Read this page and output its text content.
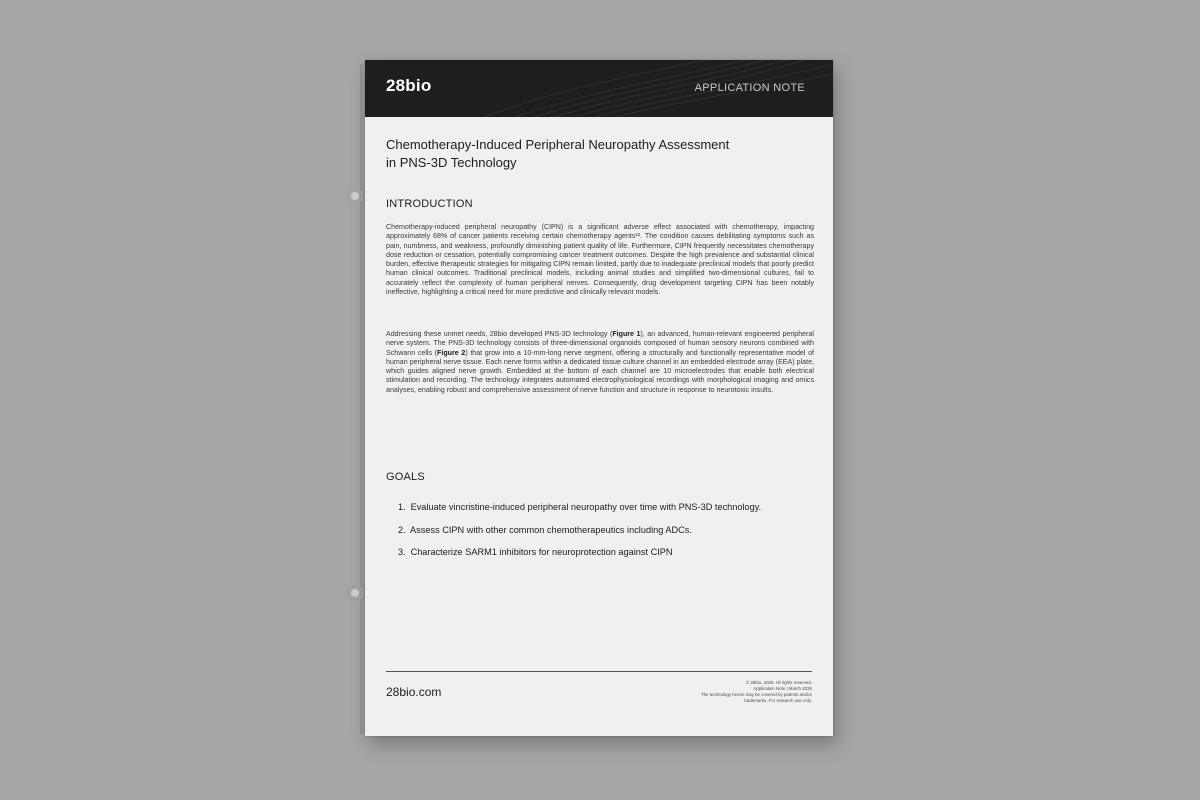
28bio	APPLICATION NOTE
Chemotherapy-Induced Peripheral Neuropathy Assessment
in PNS-3D Technology
INTRODUCTION
Chemotherapy-induced peripheral neuropathy (CIPN) is a significant adverse effect associated with chemotherapy, impacting approximately 68% of cancer patients receiving certain chemotherapy agents¹². The condition causes debilitating symptoms such as pain, numbness, and weakness, profoundly diminishing patient quality of life. Furthermore, CIPN frequently necessitates chemotherapy dose reduction or cessation, potentially compromising cancer treatment outcomes. Despite the high prevalence and substantial clinical burden, effective therapeutic strategies for mitigating CIPN remain limited, partly due to inadequate preclinical models that poorly predict human clinical outcomes. Traditional preclinical models, including animal studies and simplified two-dimensional cultures, fail to accurately reflect the complexity of human peripheral nerves. Consequently, drug development targeting CIPN has been notably ineffective, highlighting a critical need for more predictive and clinically relevant models.
Addressing these unmet needs, 28bio developed PNS-3D technology (Figure 1), an advanced, human-relevant engineered peripheral nerve system. The PNS-3D technology consists of three-dimensional organoids composed of human sensory neurons combined with Schwann cells (Figure 2) that grow into a 10-mm-long nerve segment, offering a structurally and functionally representative model of human peripheral nerve tissue. Each nerve forms within a dedicated tissue culture channel in an embedded electrode array (EEA) plate, which guides aligned nerve growth. Embedded at the bottom of each channel are 10 microelectrodes that enable both electrical stimulation and recording. The technology integrates automated electrophysiological recordings with morphological imaging and omics analyses, enabling robust and comprehensive assessment of nerve function and structure in response to neurotoxic insults.
GOALS
1. Evaluate vincristine-induced peripheral neuropathy over time with PNS-3D technology.
2. Assess CIPN with other common chemotherapeutics including ADCs.
3. Characterize SARM1 inhibitors for neuroprotection against CIPN
28bio.com
© 28bio, 2025. All rights reserved.
Application Note | March 2025
The technology herein may be covered by patents and/or
trademarks. For research use only.
